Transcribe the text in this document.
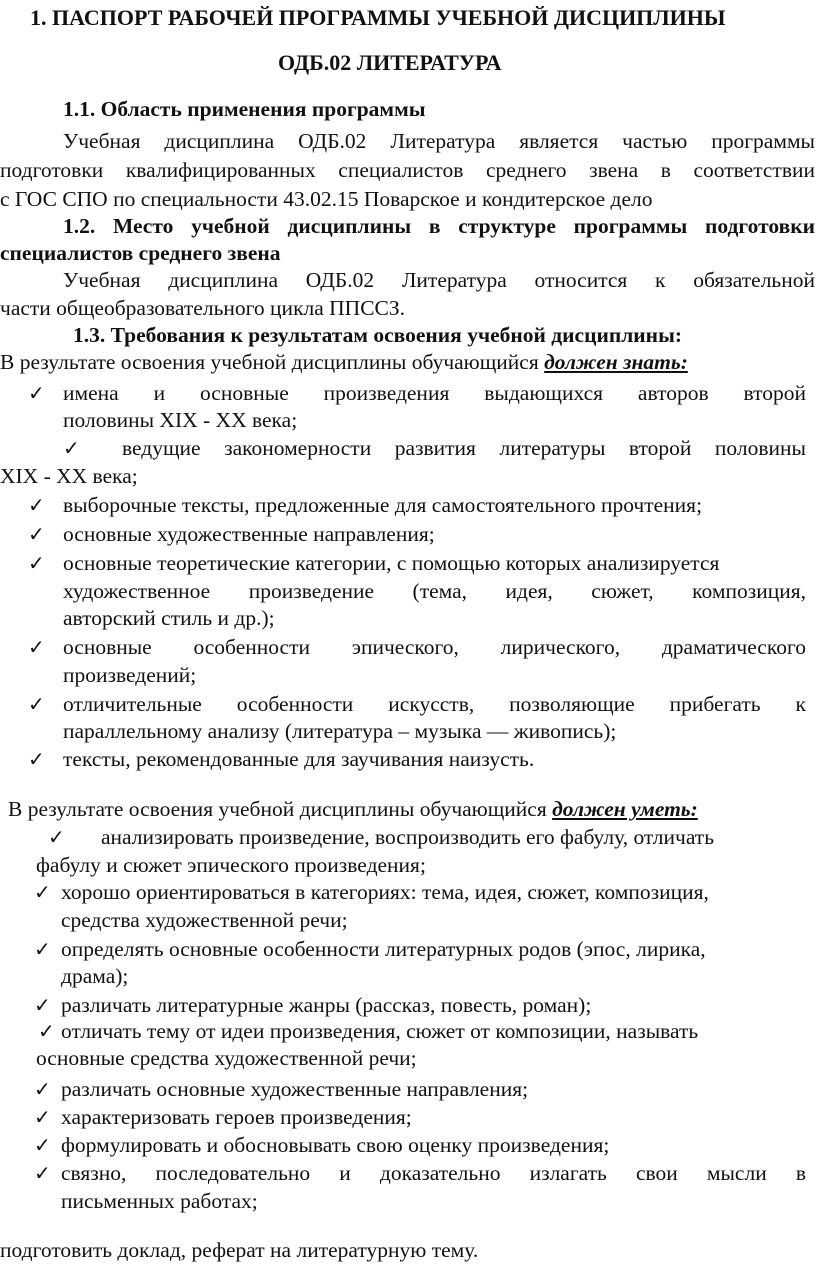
1. ПАСПОРТ РАБОЧЕЙ ПРОГРАММЫ УЧЕБНОЙ ДИСЦИПЛИНЫ
ОДБ.02 ЛИТЕРАТУРА
1.1. Область применения программы
Учебная дисциплина ОДБ.02 Литература является частью программы
подготовки квалифицированных специалистов среднего звена в соответствии
с ГОС СПО по специальности 43.02.15 Поварское и кондитерское дело
1.2. Место учебной дисциплины в структуре программы подготовки
специалистов среднего звена
Учебная дисциплина ОДБ.02 Литература относится к обязательной
части общеобразовательного цикла ППССЗ.
1.3. Требования к результатам освоения учебной дисциплины:
В результате освоения учебной дисциплины обучающийся должен знать:
✓ имена и основные произведения выдающихся авторов второй
половины XIX - XX века;
✓ ведущие закономерности развития литературы второй половины
XIX - XX века;
✓ выборочные тексты, предложенные для самостоятельного прочтения;
✓ основные художественные направления;
✓ основные теоретические категории, с помощью которых анализируется
художественное произведение (тема, идея, сюжет, композиция,
авторский стиль и др.);
✓ основные особенности эпического, лирического, драматического
произведений;
✓ отличительные особенности искусств, позволяющие прибегать к
параллельному анализу (литература – музыка — живопись);
✓ тексты, рекомендованные для заучивания наизусть.
В результате освоения учебной дисциплины обучающийся должен уметь:
✓ анализировать произведение, воспроизводить его фабулу, отличать
фабулу и сюжет эпического произведения;
✓ хорошо ориентироваться в категориях: тема, идея, сюжет, композиция,
средства художественной речи;
✓ определять основные особенности литературных родов (эпос, лирика,
драма);
✓ различать литературные жанры (рассказ, повесть, роман);
✓ отличать тему от идеи произведения, сюжет от композиции, называть
основные средства художественной речи;
✓ различать основные художественные направления;
✓ характеризовать героев произведения;
✓ формулировать и обосновывать свою оценку произведения;
✓ связно, последовательно и доказательно излагать свои мысли в
письменных работах;
подготовить доклад, реферат на литературную тему.
